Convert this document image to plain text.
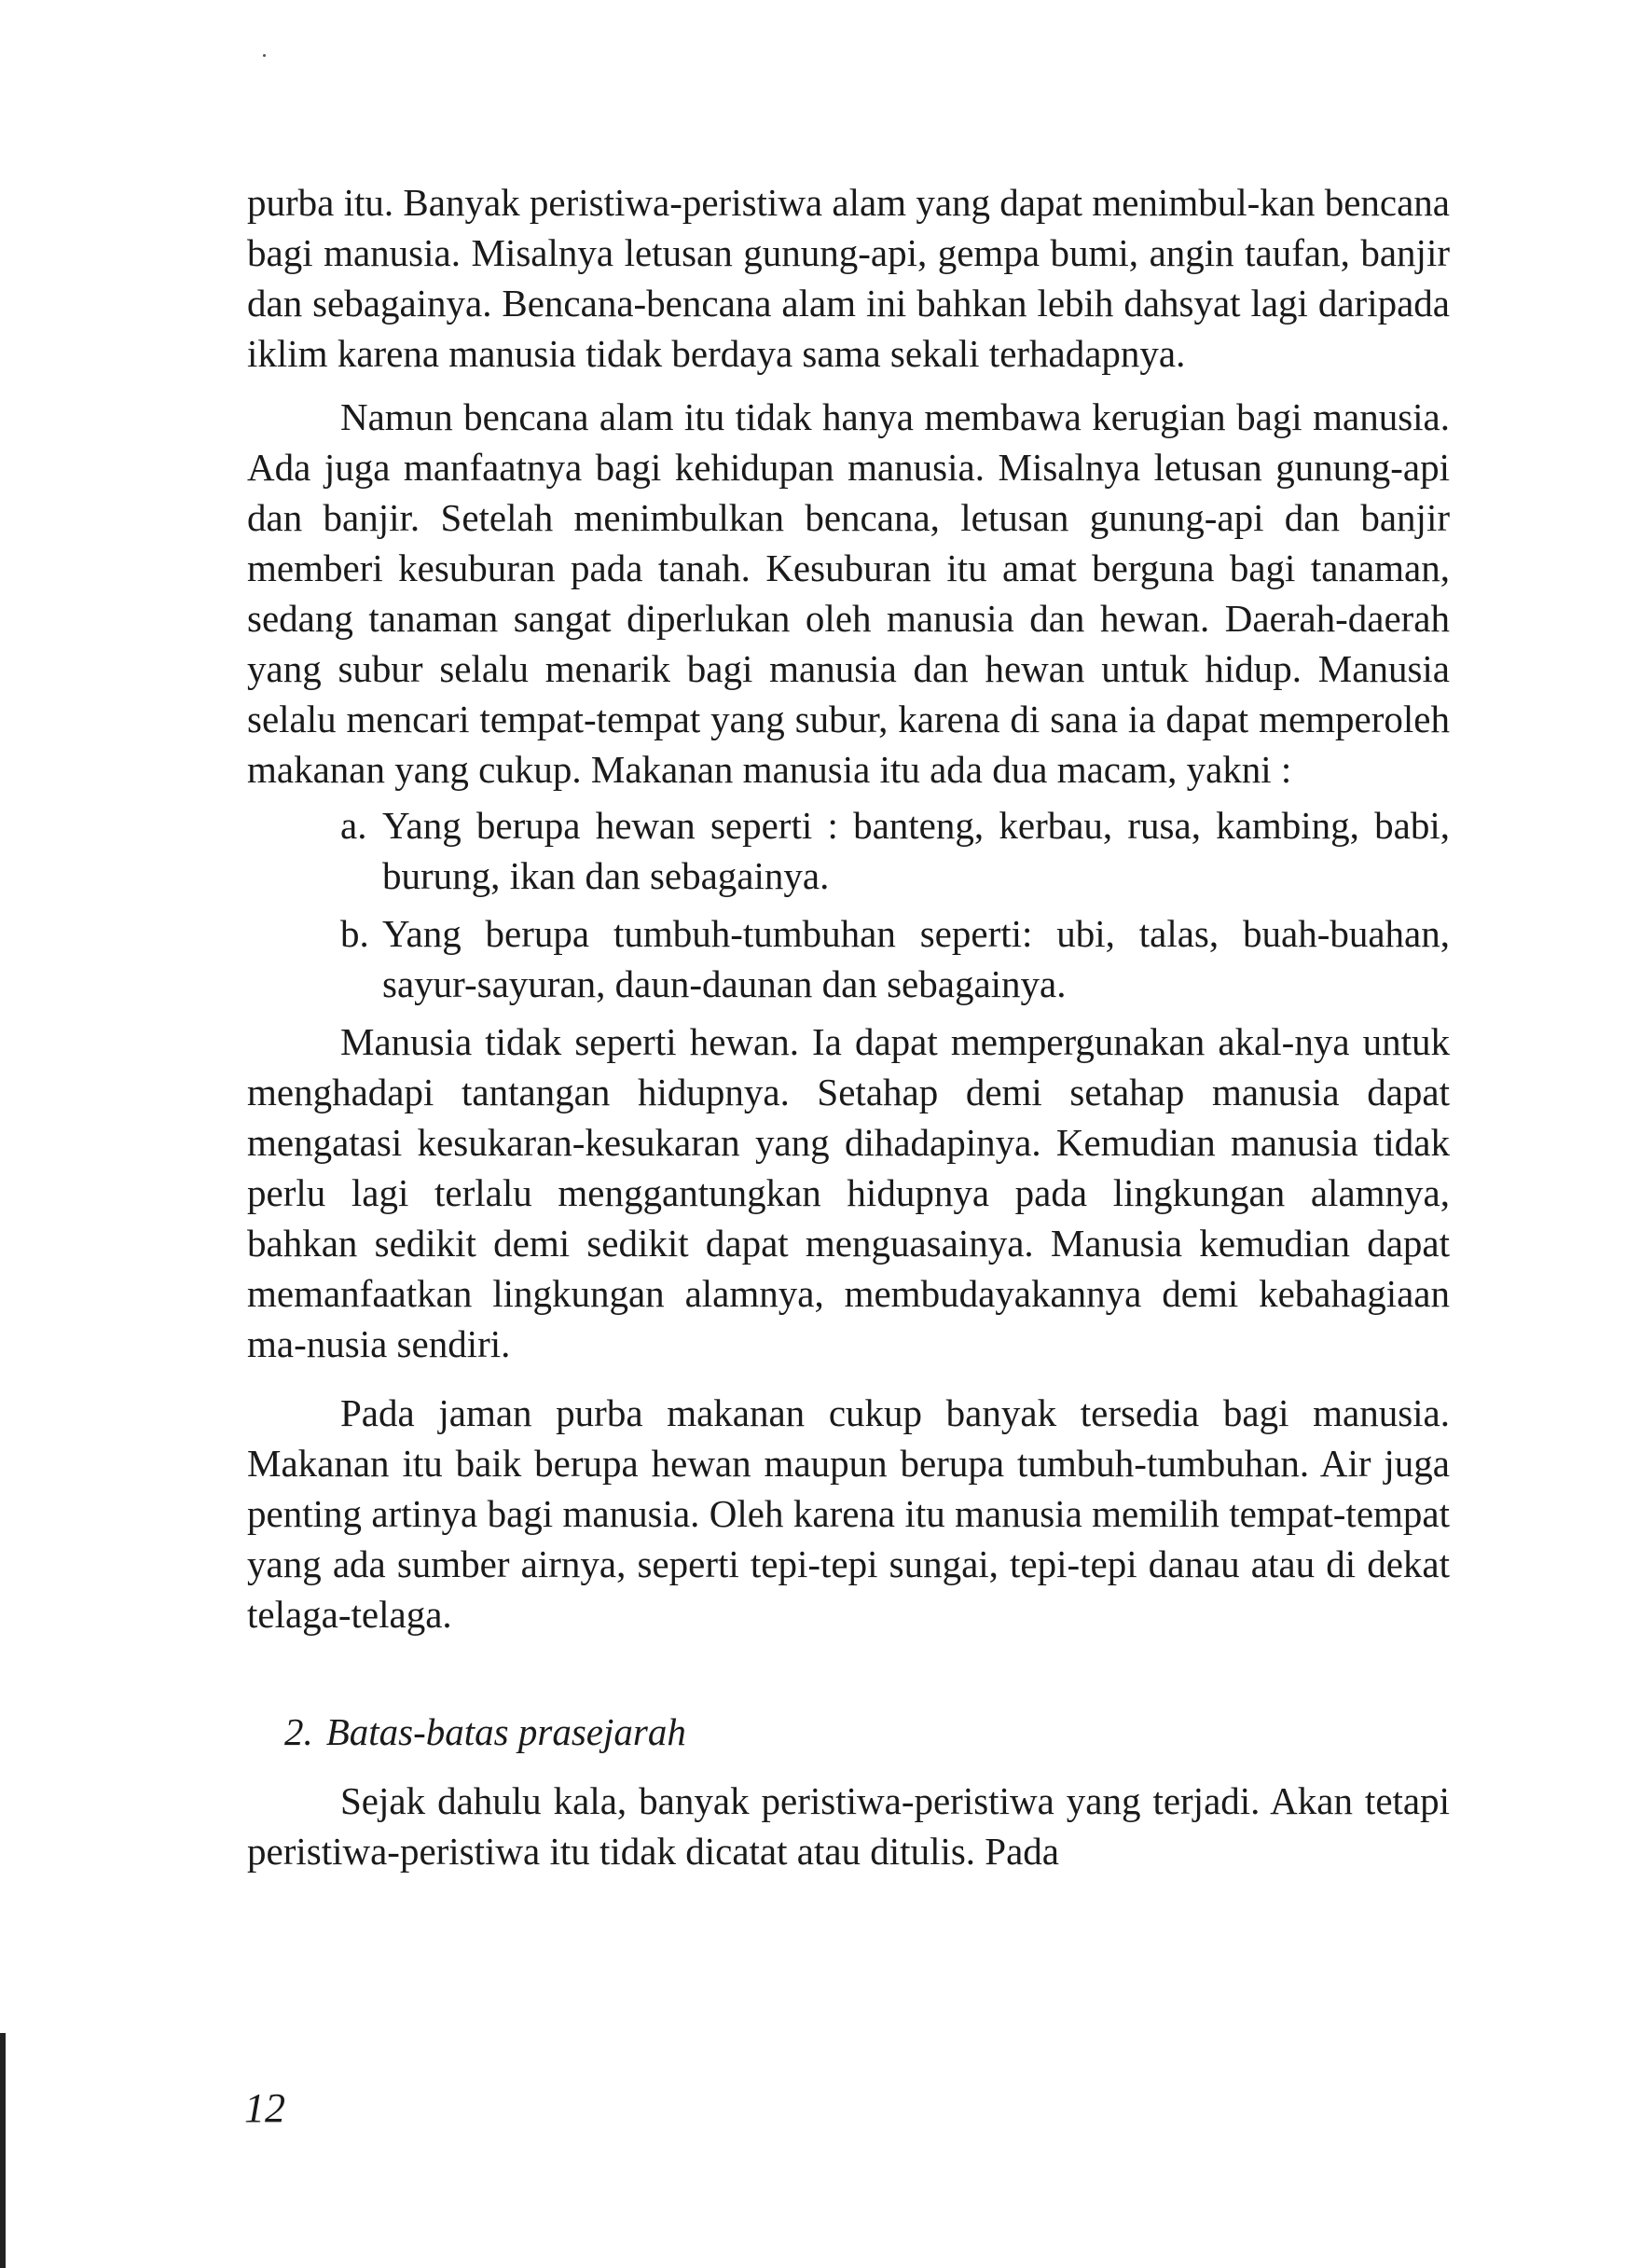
purba itu. Banyak peristiwa-peristiwa alam yang dapat menimbul-kan bencana bagi manusia. Misalnya letusan gunung-api, gempa bumi, angin taufan, banjir dan sebagainya. Bencana-bencana alam ini bahkan lebih dahsyat lagi daripada iklim karena manusia tidak berdaya sama sekali terhadapnya.

Namun bencana alam itu tidak hanya membawa kerugian bagi manusia. Ada juga manfaatnya bagi kehidupan manusia. Misalnya letusan gunung-api dan banjir. Setelah menimbulkan bencana, letusan gunung-api dan banjir memberi kesuburan pada tanah. Kesuburan itu amat berguna bagi tanaman, sedang tanaman sangat diperlukan oleh manusia dan hewan. Daerah-daerah yang subur selalu menarik bagi manusia dan hewan untuk hidup. Manusia selalu mencari tempat-tempat yang subur, karena di sana ia dapat memperoleh makanan yang cukup. Makanan manusia itu ada dua macam, yakni :

a. Yang berupa hewan seperti : banteng, kerbau, rusa, kambing, babi, burung, ikan dan sebagainya.
b. Yang berupa tumbuh-tumbuhan seperti: ubi, talas, buah-buahan, sayur-sayuran, daun-daunan dan sebagainya.

Manusia tidak seperti hewan. Ia dapat mempergunakan akal-nya untuk menghadapi tantangan hidupnya. Setahap demi setahap manusia dapat mengatasi kesukaran-kesukaran yang dihadapinya. Kemudian manusia tidak perlu lagi terlalu menggantungkan hidupnya pada lingkungan alamnya, bahkan sedikit demi sedikit dapat menguasainya. Manusia kemudian dapat memanfaatkan lingkungan alamnya, membudayakannya demi kebahagiaan ma-nusia sendiri.

Pada jaman purba makanan cukup banyak tersedia bagi manusia. Makanan itu baik berupa hewan maupun berupa tumbuh-tumbuhan. Air juga penting artinya bagi manusia. Oleh karena itu manusia memilih tempat-tempat yang ada sumber airnya, seperti tepi-tepi sungai, tepi-tepi danau atau di dekat telaga-telaga.

2. Batas-batas prasejarah

Sejak dahulu kala, banyak peristiwa-peristiwa yang terjadi. Akan tetapi peristiwa-peristiwa itu tidak dicatat atau ditulis. Pada

12
